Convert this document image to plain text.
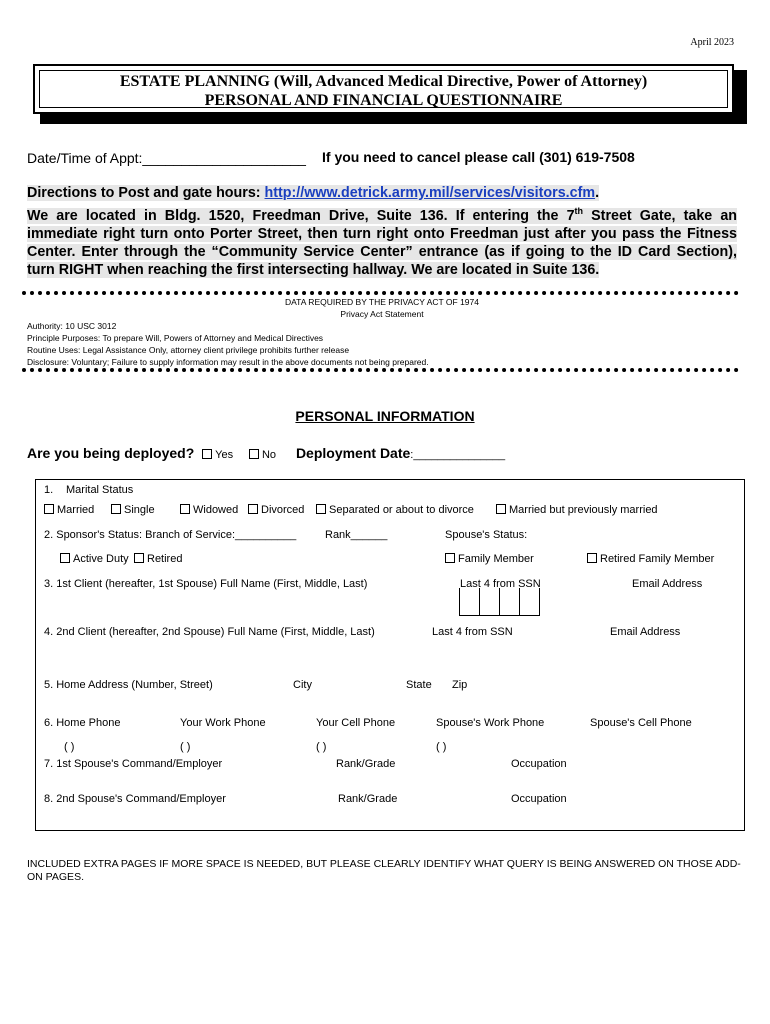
April 2023
ESTATE PLANNING (Will, Advanced Medical Directive, Power of Attorney)
PERSONAL AND FINANCIAL QUESTIONNAIRE
Date/Time of Appt:_____________________ If you need to cancel please call (301) 619-7508
Directions to Post and gate hours: http://www.detrick.army.mil/services/visitors.cfm.
We are located in Bldg. 1520, Freedman Drive, Suite 136. If entering the 7th Street Gate, take an immediate right turn onto Porter Street, then turn right onto Freedman just after you pass the Fitness Center. Enter through the “Community Service Center” entrance (as if going to the ID Card Section), turn RIGHT when reaching the first intersecting hallway. We are located in Suite 136.
DATA REQUIRED BY THE PRIVACY ACT OF 1974
Privacy Act Statement
Authority: 10 USC 3012
Principle Purposes: To prepare Will, Powers of Attorney and Medical Directives
Routine Uses: Legal Assistance Only, attorney client privilege prohibits further release
Disclosure: Voluntary; Failure to supply information may result in the above documents not being prepared.
PERSONAL INFORMATION
Are you being deployed? Yes	No Deployment Date:_______________
1. Marital Status
Married	Single	Widowed	Divorced	Separated or about to divorce	Married but previously married
2. Sponsor's Status: Branch of Service:__________	Rank______	Spouse's Status:
Active Duty	Retired	Family Member	Retired Family Member
3. 1st Client (hereafter, 1st Spouse) Full Name (First, Middle, Last)	Last 4 from SSN	Email Address
4. 2nd Client (hereafter, 2nd Spouse) Full Name (First, Middle, Last)	Last 4 from SSN	Email Address
5. Home Address (Number, Street)	City	State Zip
6. Home Phone	Your Work Phone	Your Cell Phone	Spouse's Work Phone	Spouse's Cell Phone
( )	( )	( )	( )
7. 1st Spouse's Command/Employer	Rank/Grade	Occupation
8. 2nd Spouse's Command/Employer	Rank/Grade	Occupation
INCLUDED EXTRA PAGES IF MORE SPACE IS NEEDED, BUT PLEASE CLEARLY IDENTIFY WHAT QUERY IS BEING ANSWERED ON THOSE ADD-ON PAGES.
